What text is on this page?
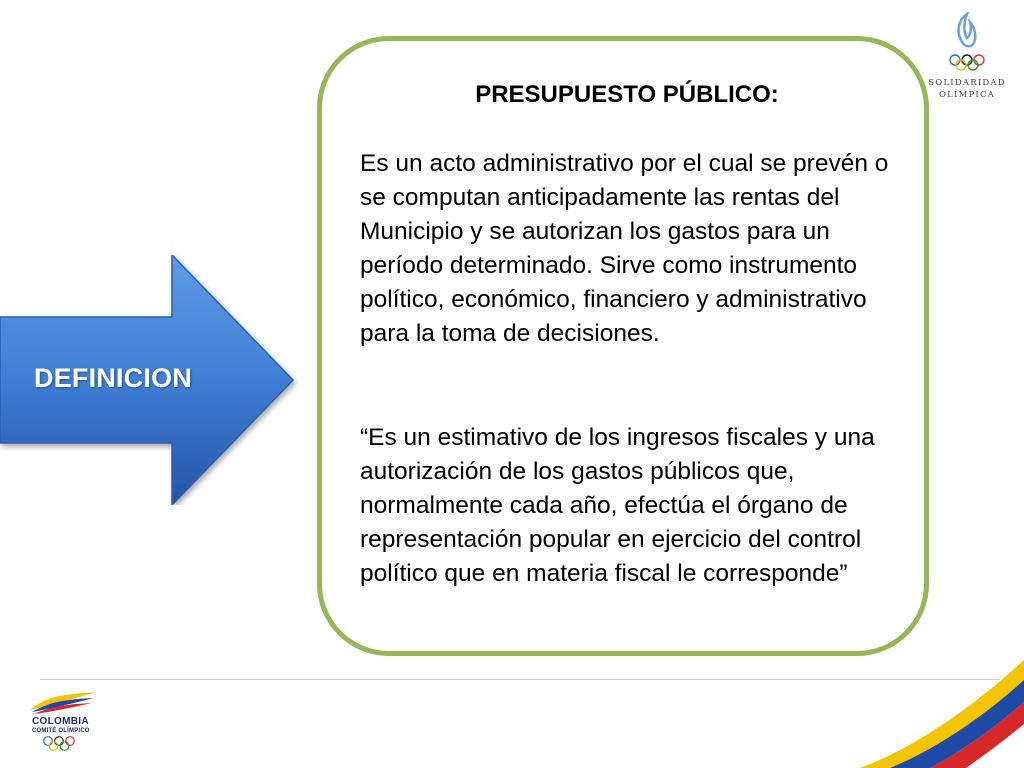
DEFINICION
PRESUPUESTO PÚBLICO:

Es un acto administrativo por el cual se prevén o se computan anticipadamente las rentas del Municipio y se autorizan los gastos para un período determinado. Sirve como instrumento político, económico, financiero y administrativo para la toma de decisiones.

“Es un estimativo de los ingresos fiscales y una autorización de los gastos públicos que, normalmente cada año, efectúa el órgano de representación popular en ejercicio del control político que en materia fiscal le corresponde”

SOLIDARIDAD
OLÍMPICA
COLOMBIA
COMITÉ OLÍMPICO
